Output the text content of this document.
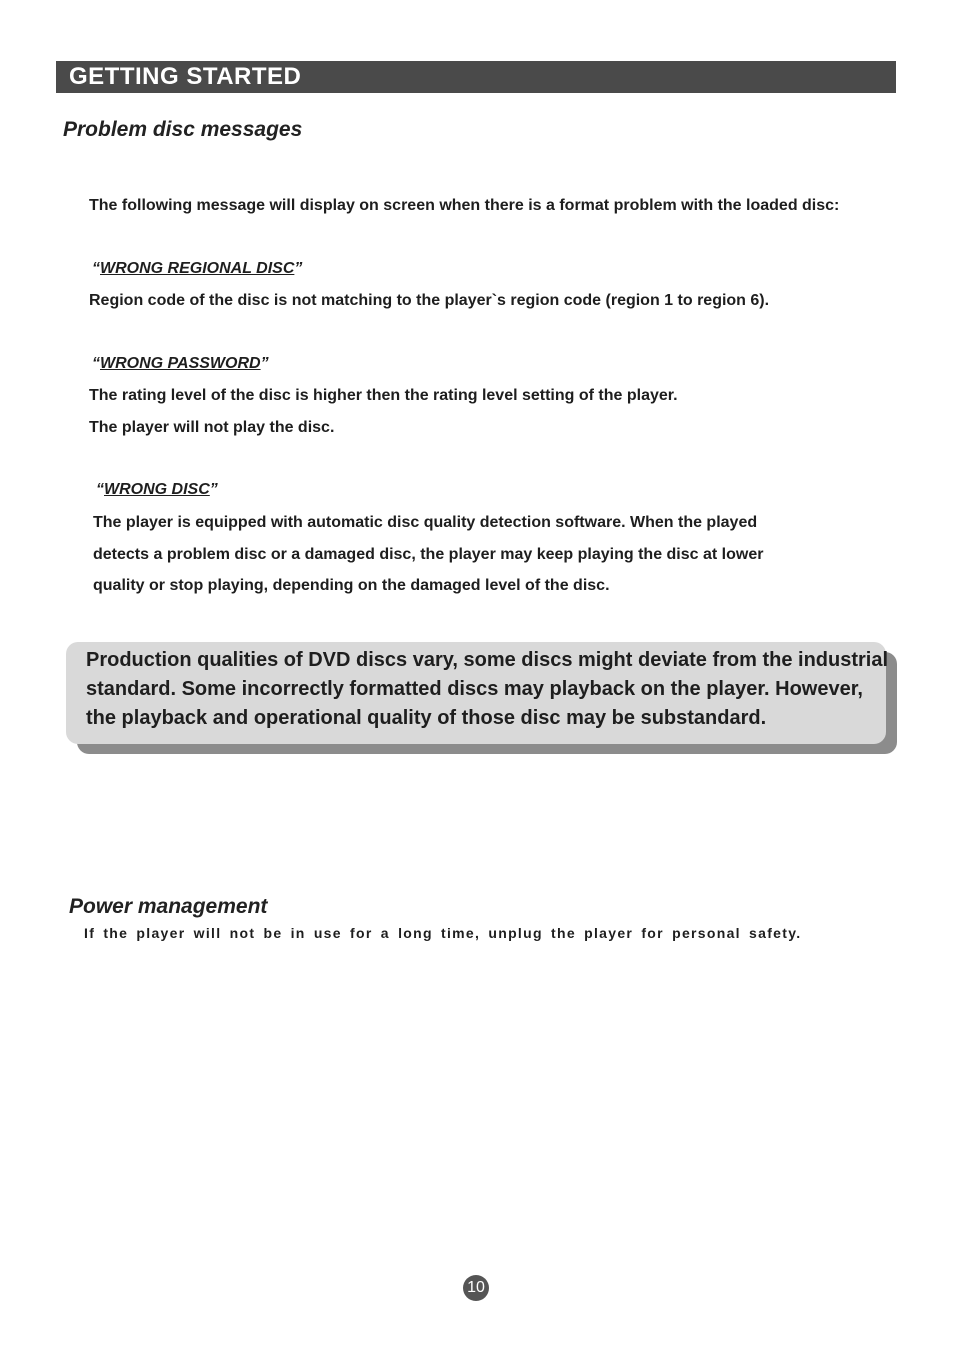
GETTING STARTED
Problem disc messages
The following message will display on screen when there is a format problem with the loaded disc:
“WRONG REGIONAL DISC”
Region code of the disc is not matching to the player`s region code (region 1 to region 6).
“WRONG PASSWORD”
The rating level of the disc is higher then the rating level setting of the player.
The player will not play the disc.
“WRONG DISC”
The player is equipped with automatic disc quality detection software. When the played
detects a problem disc or a damaged disc, the player may keep playing the disc at lower
quality or stop playing, depending on the damaged level of the disc.
Production qualities of DVD discs vary, some discs might deviate from the industrial
standard. Some incorrectly formatted discs may playback on the player. However,
the playback and operational quality of those disc may be substandard.
Power management
If the player will not be in use for a long time, unplug the player for personal safety.
10
